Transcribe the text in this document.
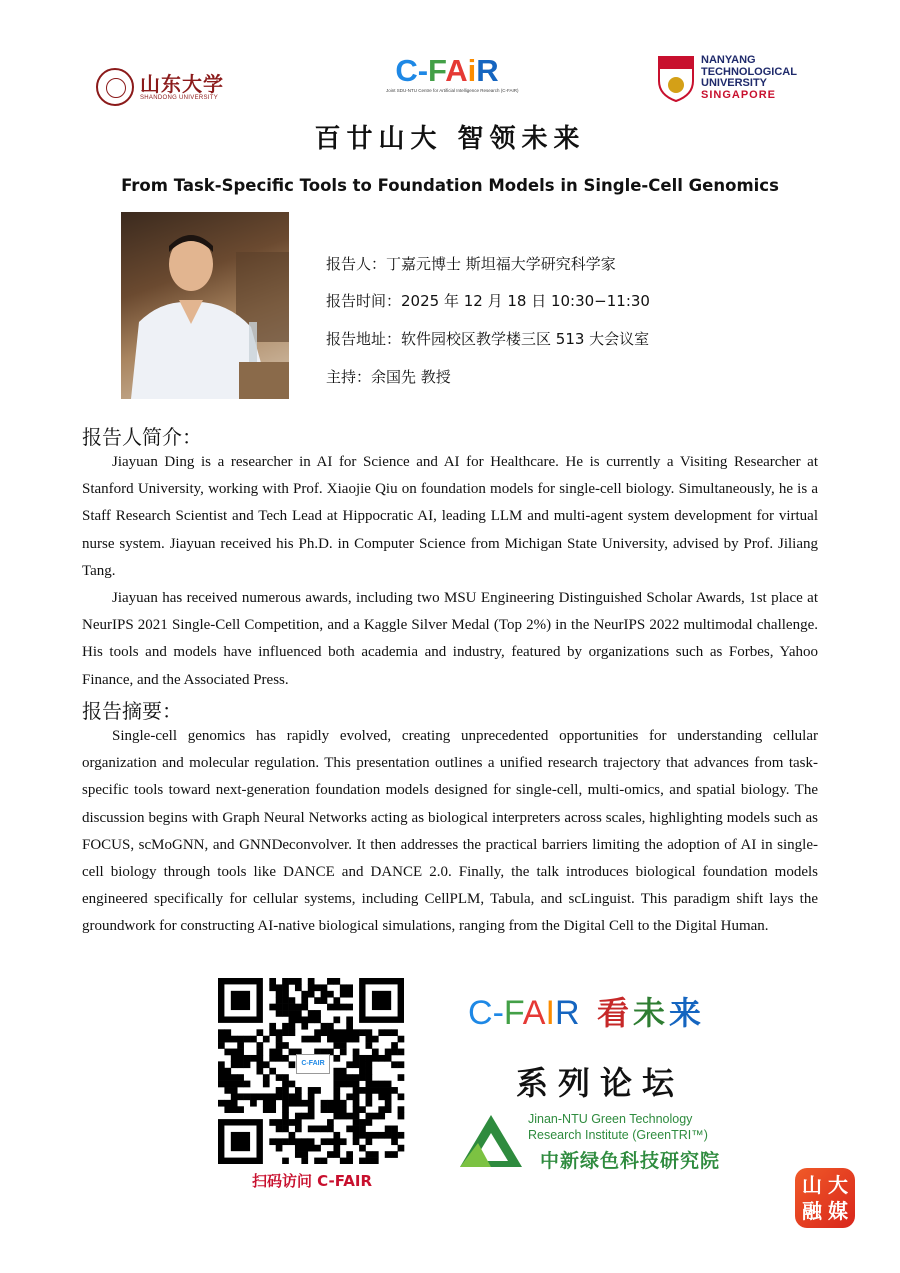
山东大学
SHANDONG UNIVERSITY
C-FAiR
Joint SDU-NTU Centre for Artificial Intelligence Research (C-FAIR)
NANYANG
TECHNOLOGICAL
UNIVERSITY
SINGAPORE
百廿山大 智领未来
From Task-Specific Tools to Foundation Models in Single-Cell Genomics
报告人：丁嘉元博士 斯坦福大学研究科学家
报告时间：2025 年 12 月 18 日 10:30−11:30
报告地址：软件园校区教学楼三区 513 大会议室
主持：余国先 教授
报告人简介：

Jiayuan Ding is a researcher in AI for Science and AI for Healthcare. He is currently a Visiting Researcher at Stanford University, working with Prof. Xiaojie Qiu on foundation models for single-cell biology. Simultaneously, he is a Staff Research Scientist and Tech Lead at Hippocratic AI, leading LLM and multi-agent system development for virtual nurse system. Jiayuan received his Ph.D. in Computer Science from Michigan State University, advised by Prof. Jiliang Tang.

Jiayuan has received numerous awards, including two MSU Engineering Distinguished Scholar Awards, 1st place at NeurIPS 2021 Single-Cell Competition, and a Kaggle Silver Medal (Top 2%) in the NeurIPS 2022 multimodal challenge. His tools and models have influenced both academia and industry, featured by organizations such as Forbes, Yahoo Finance, and the Associated Press.

报告摘要：

Single-cell genomics has rapidly evolved, creating unprecedented opportunities for understanding cellular organization and molecular regulation. This presentation outlines a unified research trajectory that advances from task-specific tools toward next-generation foundation models designed for single-cell, multi-omics, and spatial biology. The discussion begins with Graph Neural Networks acting as biological interpreters across scales, highlighting models such as FOCUS, scMoGNN, and GNNDeconvolver. It then addresses the practical barriers limiting the adoption of AI in single-cell biology through tools like DANCE and DANCE 2.0. Finally, the talk introduces biological foundation models engineered specifically for cellular systems, including CellPLM, Tabula, and scLinguist. This paradigm shift lays the groundwork for constructing AI-native biological simulations, ranging from the Digital Cell to the Digital Human.

C-FAIR
扫码访问 C-FAIR
C-FAIR 看未来
系列论坛
Jinan-NTU Green Technology
Research Institute (GreenTRI™)
中新绿色科技研究院
山 大
融 媒
